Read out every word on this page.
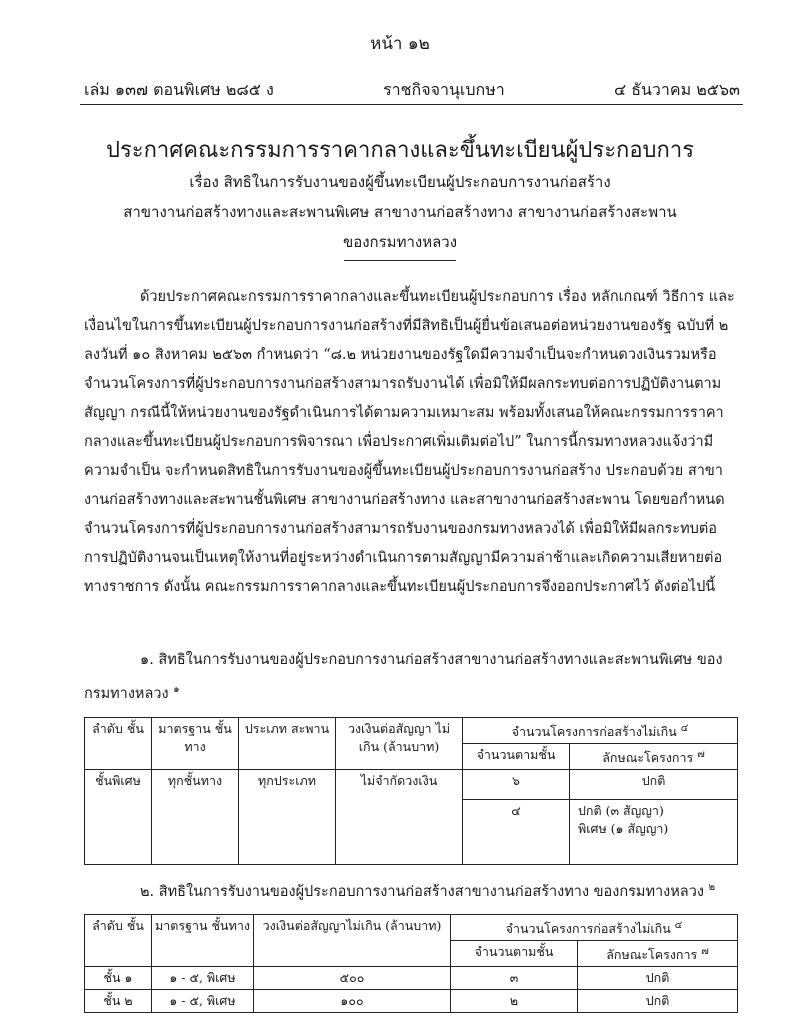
หน้า ๑๒
เล่ม ๑๓๗ ตอนพิเศษ ๒๘๕ ง	ราชกิจจานุเบกษา	๔ ธันวาคม ๒๕๖๓
ประกาศคณะกรรมการราคากลางและขึ้นทะเบียนผู้ประกอบการ
เรื่อง สิทธิในการรับงานของผู้ขึ้นทะเบียนผู้ประกอบการงานก่อสร้าง
สาขางานก่อสร้างทางและสะพานพิเศษ สาขางานก่อสร้างทาง สาขางานก่อสร้างสะพาน
ของกรมทางหลวง

ด้วยประกาศคณะกรรมการราคากลางและขึ้นทะเบียนผู้ประกอบการ เรื่อง หลักเกณฑ์ วิธีการ และเงื่อนไขในการขึ้นทะเบียนผู้ประกอบการงานก่อสร้างที่มีสิทธิเป็นผู้ยื่นข้อเสนอต่อหน่วยงานของรัฐ ฉบับที่ ๒ ลงวันที่ ๑๐ สิงหาคม ๒๕๖๓ กำหนดว่า “๘.๒ หน่วยงานของรัฐใดมีความจำเป็นจะกำหนดวงเงินรวมหรือจำนวนโครงการที่ผู้ประกอบการงานก่อสร้างสามารถรับงานได้ เพื่อมิให้มีผลกระทบต่อการปฏิบัติงานตามสัญญา กรณีนี้ให้หน่วยงานของรัฐดำเนินการได้ตามความเหมาะสม พร้อมทั้งเสนอให้คณะกรรมการราคากลางและขึ้นทะเบียนผู้ประกอบการพิจารณา เพื่อประกาศเพิ่มเติมต่อไป” ในการนี้กรมทางหลวงแจ้งว่ามีความจำเป็น จะกำหนดสิทธิในการรับงานของผู้ขึ้นทะเบียนผู้ประกอบการงานก่อสร้าง ประกอบด้วย สาขางานก่อสร้างทางและสะพานชั้นพิเศษ สาขางานก่อสร้างทาง และสาขางานก่อสร้างสะพาน โดยขอกำหนดจำนวนโครงการที่ผู้ประกอบการงานก่อสร้างสามารถรับงานของกรมทางหลวงได้ เพื่อมิให้มีผลกระทบต่อการปฏิบัติงานจนเป็นเหตุให้งานที่อยู่ระหว่างดำเนินการตามสัญญามีความล่าช้าและเกิดความเสียหายต่อทางราชการ ดังนั้น คณะกรรมการราคากลางและขึ้นทะเบียนผู้ประกอบการจึงออกประกาศไว้ ดังต่อไปนี้

๑. สิทธิในการรับงานของผู้ประกอบการงานก่อสร้างสาขางานก่อสร้างทางและสะพานพิเศษ ของกรมทางหลวง $^๑$

ลำดับ ชั้น	มาตรฐาน ชั้นทาง	ประเภท สะพาน	วงเงินต่อสัญญา ไม่เกิน (ล้านบาท)	จำนวนโครงการก่อสร้างไม่เกิน $^๔$
				จำนวนตามชั้น	ลักษณะโครงการ $^๗$
ชั้นพิเศษ	ทุกชั้นทาง	ทุกประเภท	ไม่จำกัดวงเงิน	๖	ปกติ
				๔	ปกติ (๓ สัญญา)
พิเศษ (๑ สัญญา)

๒. สิทธิในการรับงานของผู้ประกอบการงานก่อสร้างสาขางานก่อสร้างทาง ของกรมทางหลวง $^๒$

ลำดับ ชั้น	มาตรฐาน ชั้นทาง	วงเงินต่อสัญญาไม่เกิน (ล้านบาท)	จำนวนโครงการก่อสร้างไม่เกิน $^๔$
			จำนวนตามชั้น	ลักษณะโครงการ $^๗$
ชั้น ๑	๑ - ๕, พิเศษ	๕๐๐	๓	ปกติ
ชั้น ๒	๑ - ๕, พิเศษ	๑๐๐	๒	ปกติ
